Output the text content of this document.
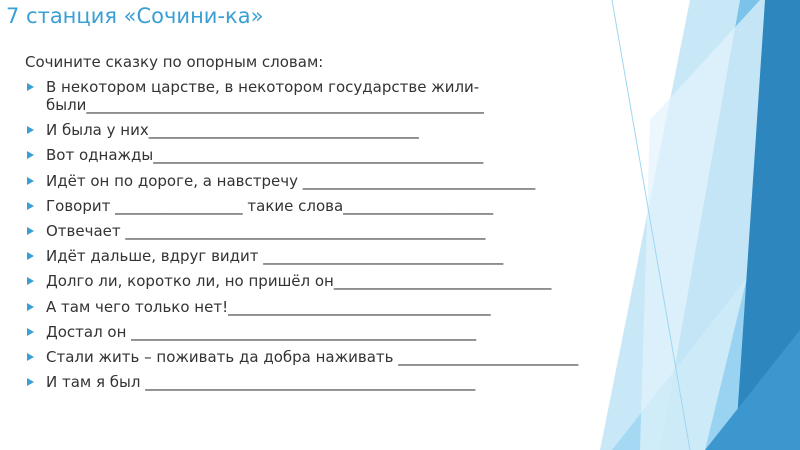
7 станция «Сочини-ка»
Сочините сказку по опорным словам:
В некотором царстве, в некотором государстве жили-
были_____________________________________________________
И была у них____________________________________
Вот однажды____________________________________________
Идёт он по дороге, а навстречу _______________________________
Говорит _________________ такие слова____________________
Отвечает ________________________________________________
Идёт дальше, вдруг видит ________________________________
Долго ли, коротко ли, но пришёл он_____________________________
А там чего только нет!___________________________________
Достал он ______________________________________________
Стали жить – поживать да добра наживать ________________________
И там я был ____________________________________________
